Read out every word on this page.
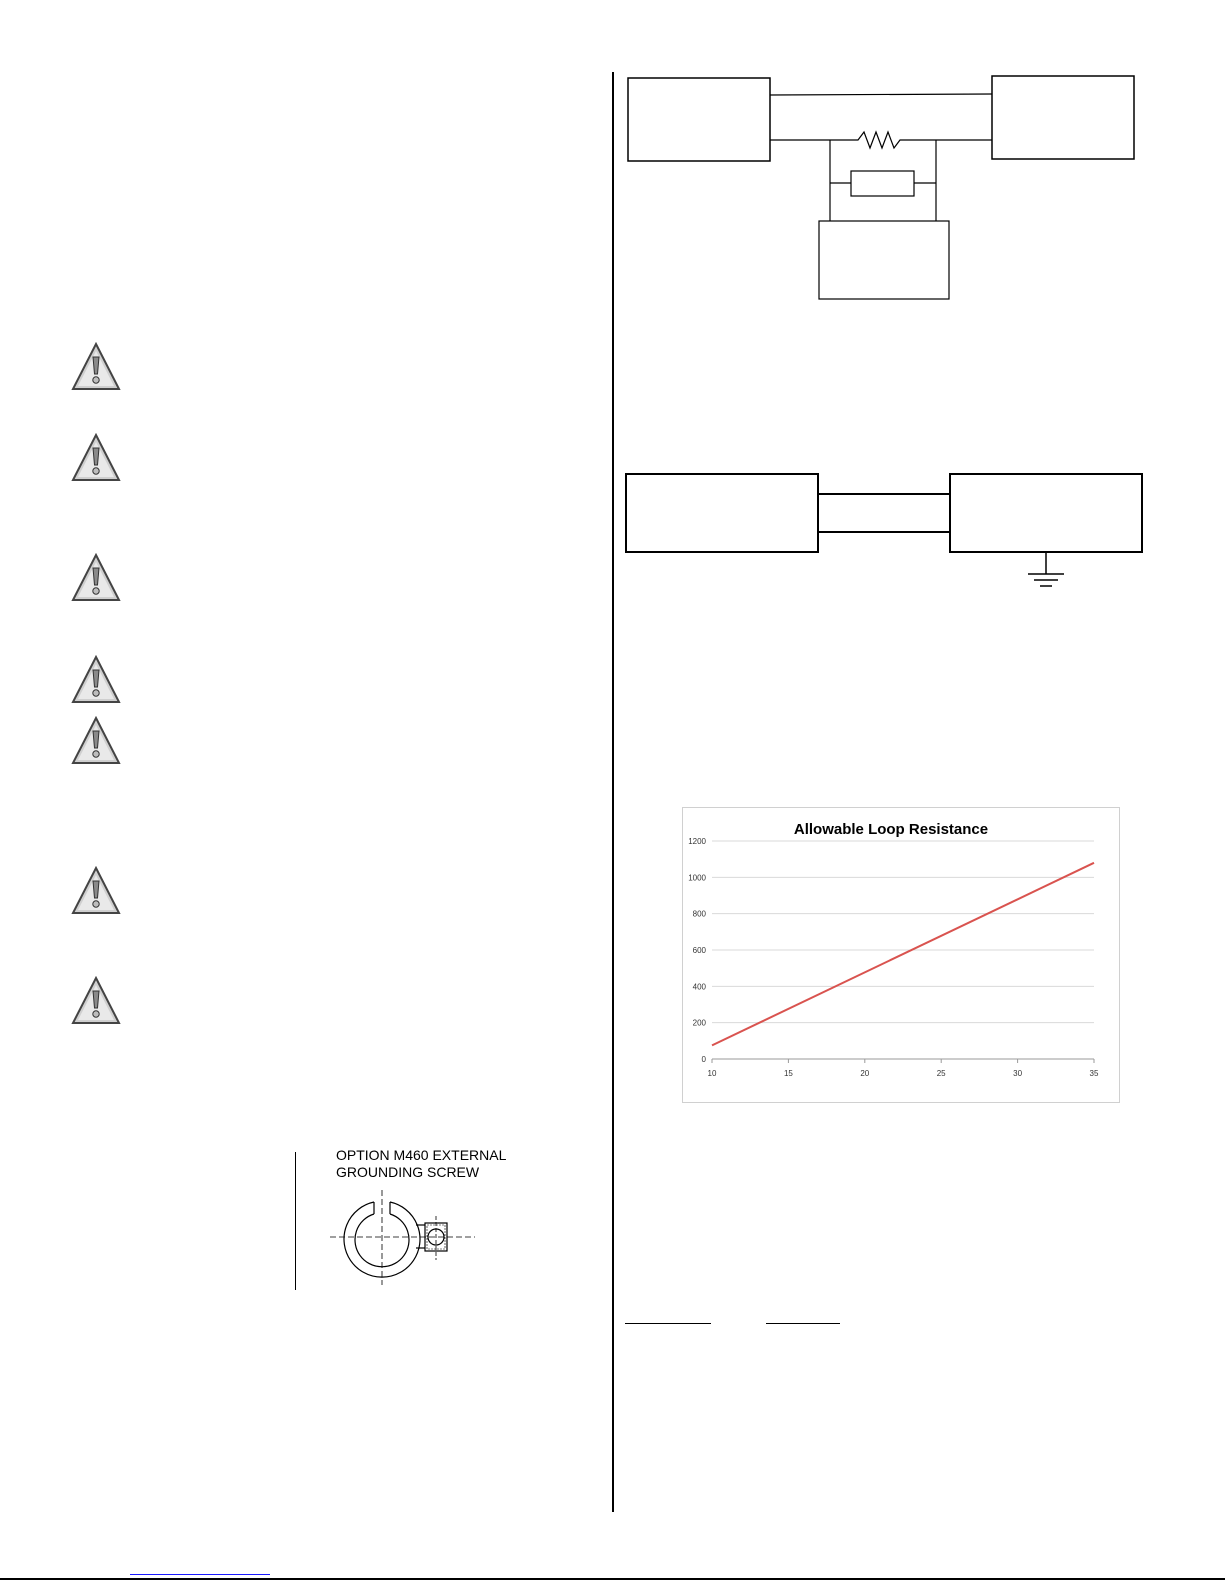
OPTION M460 EXTERNAL
GROUNDING SCREW
Allowable Loop Resistance
0
200
400
600
800
1000
1200
10	15	20	25	30	35
